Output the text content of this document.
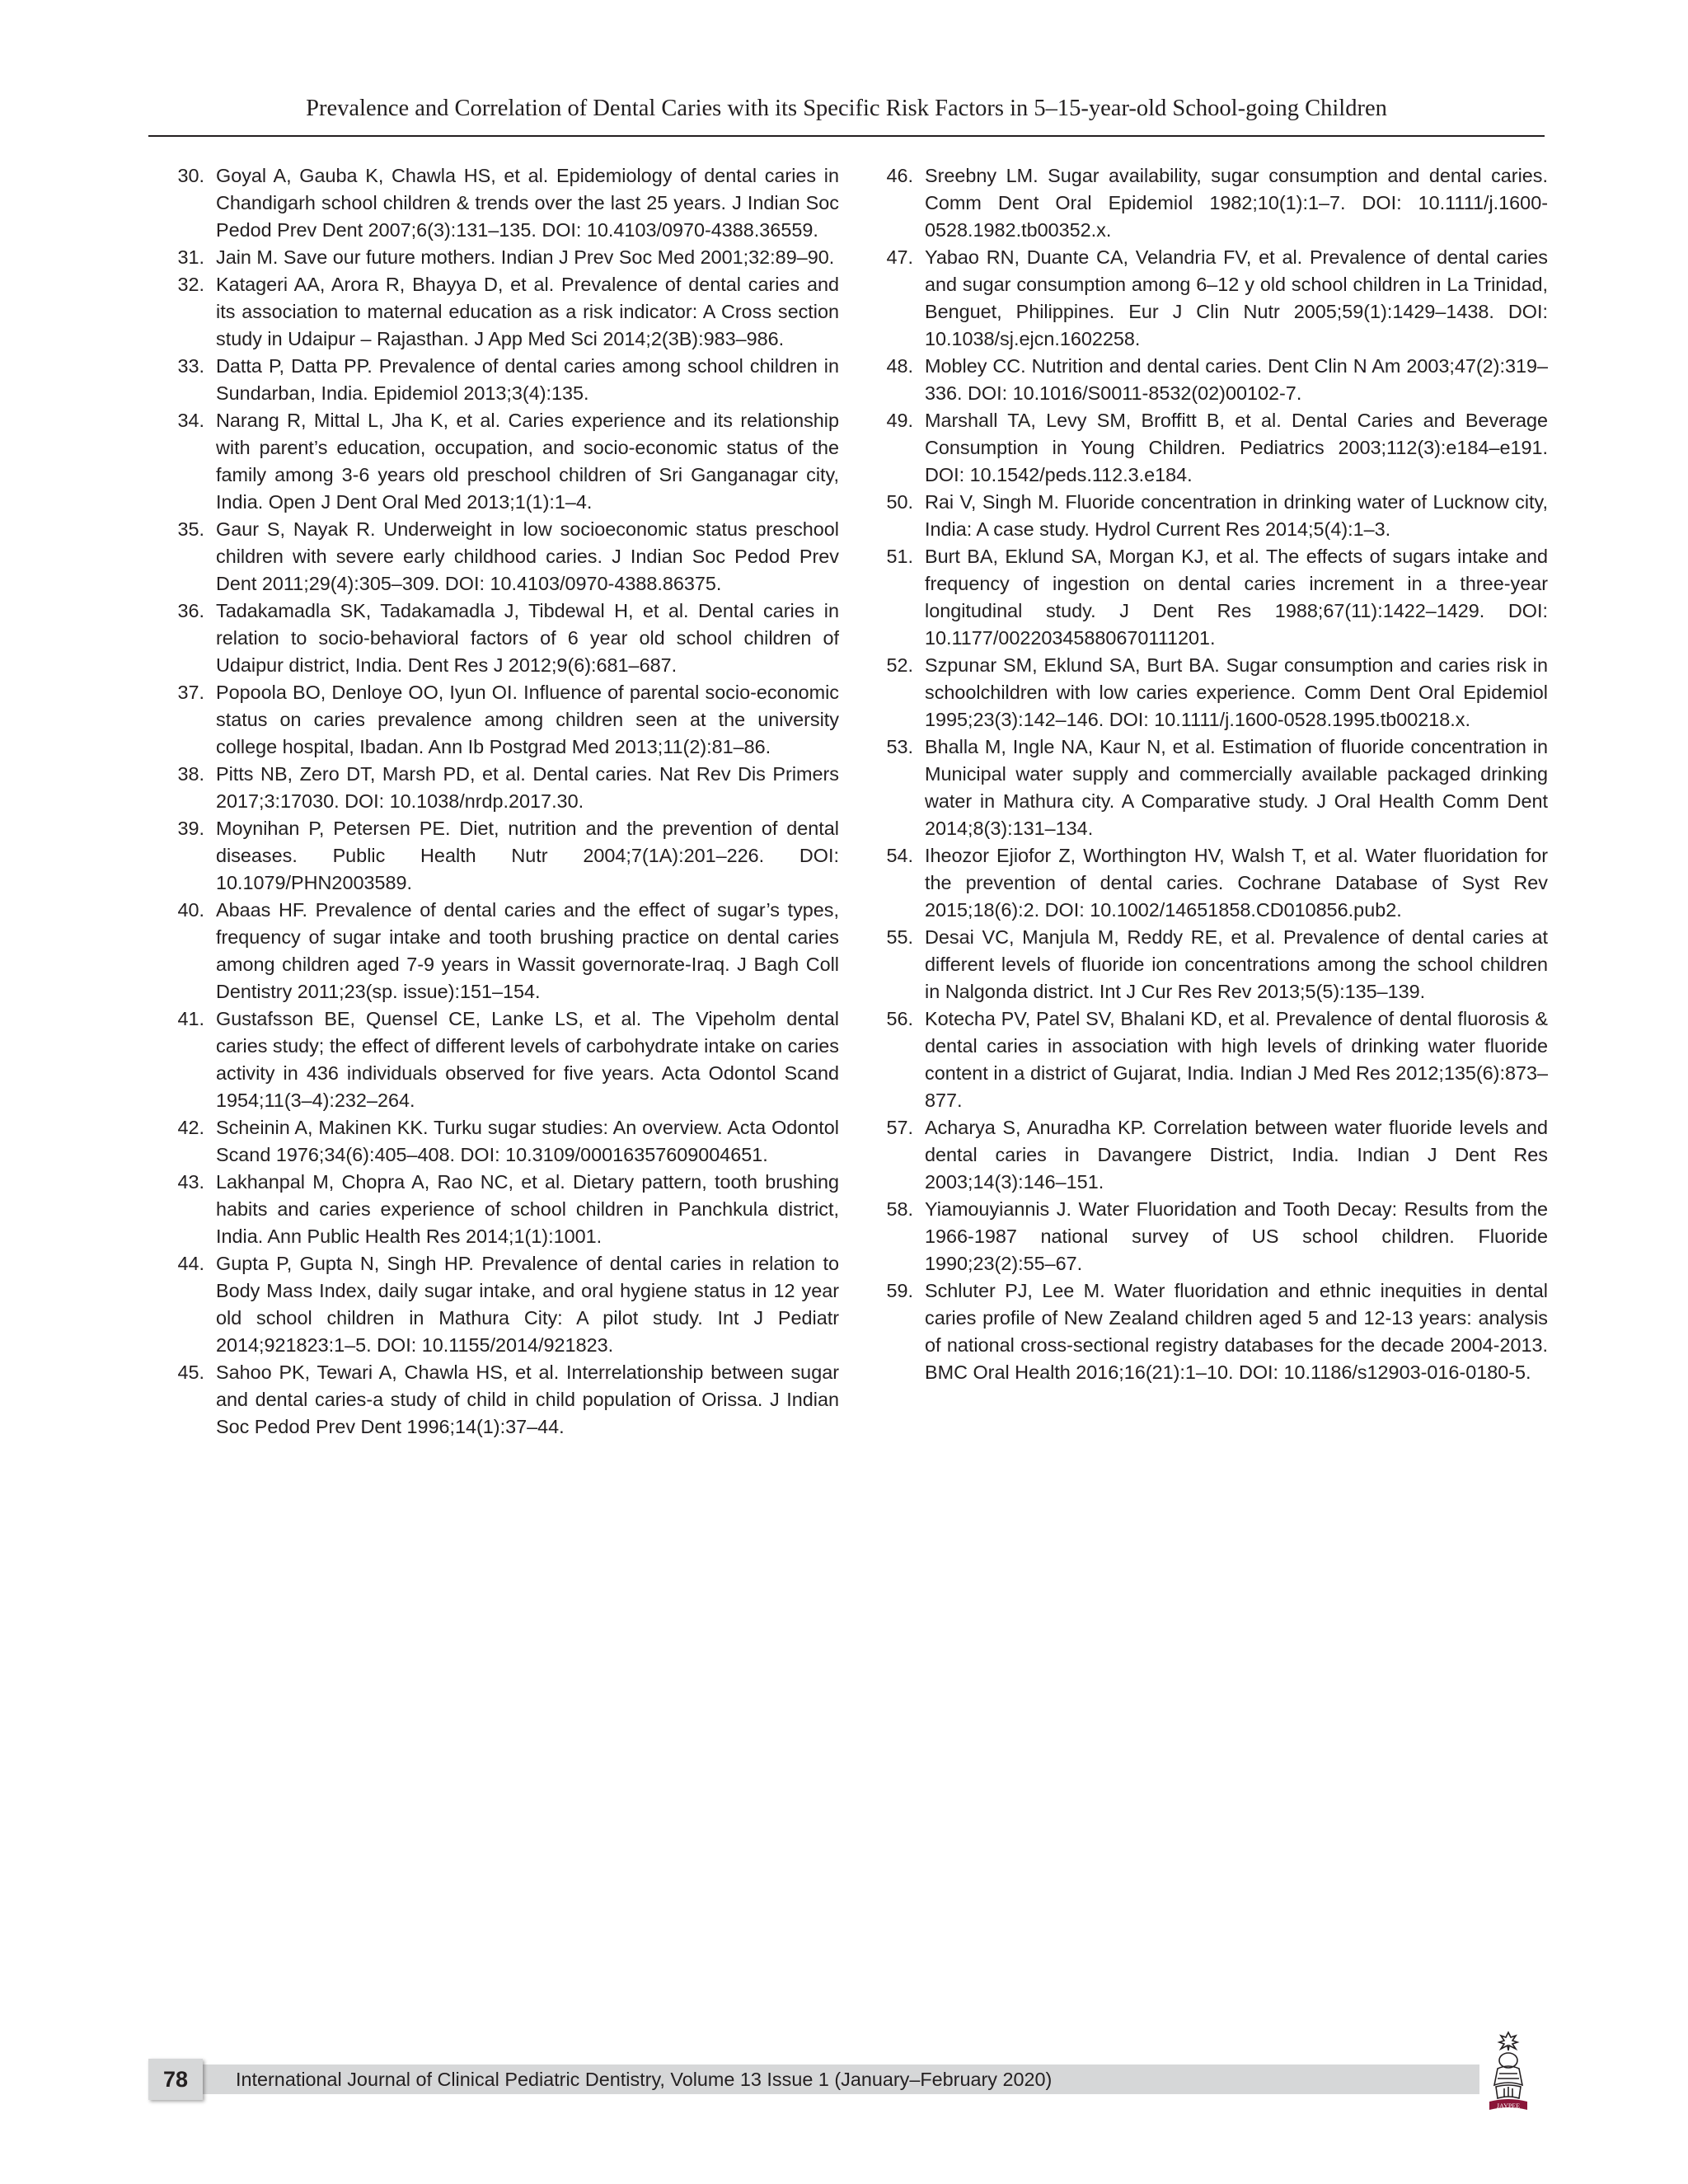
Prevalence and Correlation of Dental Caries with its Specific Risk Factors in 5–15-year-old School-going Children
30. Goyal A, Gauba K, Chawla HS, et al. Epidemiology of dental caries in Chandigarh school children & trends over the last 25 years. J Indian Soc Pedod Prev Dent 2007;6(3):131–135. DOI: 10.4103/0970-4388.36559.
31. Jain M. Save our future mothers. Indian J Prev Soc Med 2001;32:89–90.
32. Katageri AA, Arora R, Bhayya D, et al. Prevalence of dental caries and its association to maternal education as a risk indicator: A Cross section study in Udaipur – Rajasthan. J App Med Sci 2014;2(3B):983–986.
33. Datta P, Datta PP. Prevalence of dental caries among school children in Sundarban, India. Epidemiol 2013;3(4):135.
34. Narang R, Mittal L, Jha K, et al. Caries experience and its relationship with parent’s education, occupation, and socio-economic status of the family among 3-6 years old preschool children of Sri Ganganagar city, India. Open J Dent Oral Med 2013;1(1):1–4.
35. Gaur S, Nayak R. Underweight in low socioeconomic status preschool children with severe early childhood caries. J Indian Soc Pedod Prev Dent 2011;29(4):305–309. DOI: 10.4103/0970-4388.86375.
36. Tadakamadla SK, Tadakamadla J, Tibdewal H, et al. Dental caries in relation to socio-behavioral factors of 6 year old school children of Udaipur district, India. Dent Res J 2012;9(6):681–687.
37. Popoola BO, Denloye OO, Iyun OI. Influence of parental socio-economic status on caries prevalence among children seen at the university college hospital, Ibadan. Ann Ib Postgrad Med 2013;11(2):81–86.
38. Pitts NB, Zero DT, Marsh PD, et al. Dental caries. Nat Rev Dis Primers 2017;3:17030. DOI: 10.1038/nrdp.2017.30.
39. Moynihan P, Petersen PE. Diet, nutrition and the prevention of dental diseases. Public Health Nutr 2004;7(1A):201–226. DOI: 10.1079/PHN2003589.
40. Abaas HF. Prevalence of dental caries and the effect of sugar’s types, frequency of sugar intake and tooth brushing practice on dental caries among children aged 7-9 years in Wassit governorate-Iraq. J Bagh Coll Dentistry 2011;23(sp. issue):151–154.
41. Gustafsson BE, Quensel CE, Lanke LS, et al. The Vipeholm dental caries study; the effect of different levels of carbohydrate intake on caries activity in 436 individuals observed for five years. Acta Odontol Scand 1954;11(3–4):232–264.
42. Scheinin A, Makinen KK. Turku sugar studies: An overview. Acta Odontol Scand 1976;34(6):405–408. DOI: 10.3109/00016357609004651.
43. Lakhanpal M, Chopra A, Rao NC, et al. Dietary pattern, tooth brushing habits and caries experience of school children in Panchkula district, India. Ann Public Health Res 2014;1(1):1001.
44. Gupta P, Gupta N, Singh HP. Prevalence of dental caries in relation to Body Mass Index, daily sugar intake, and oral hygiene status in 12 year old school children in Mathura City: A pilot study. Int J Pediatr 2014;921823:1–5. DOI: 10.1155/2014/921823.
45. Sahoo PK, Tewari A, Chawla HS, et al. Interrelationship between sugar and dental caries-a study of child in child population of Orissa. J Indian Soc Pedod Prev Dent 1996;14(1):37–44.
46. Sreebny LM. Sugar availability, sugar consumption and dental caries. Comm Dent Oral Epidemiol 1982;10(1):1–7. DOI: 10.1111/j.1600-0528.1982.tb00352.x.
47. Yabao RN, Duante CA, Velandria FV, et al. Prevalence of dental caries and sugar consumption among 6–12 y old school children in La Trinidad, Benguet, Philippines. Eur J Clin Nutr 2005;59(1):1429–1438. DOI: 10.1038/sj.ejcn.1602258.
48. Mobley CC. Nutrition and dental caries. Dent Clin N Am 2003;47(2):319–336. DOI: 10.1016/S0011-8532(02)00102-7.
49. Marshall TA, Levy SM, Broffitt B, et al. Dental Caries and Beverage Consumption in Young Children. Pediatrics 2003;112(3):e184–e191. DOI: 10.1542/peds.112.3.e184.
50. Rai V, Singh M. Fluoride concentration in drinking water of Lucknow city, India: A case study. Hydrol Current Res 2014;5(4):1–3.
51. Burt BA, Eklund SA, Morgan KJ, et al. The effects of sugars intake and frequency of ingestion on dental caries increment in a three-year longitudinal study. J Dent Res 1988;67(11):1422–1429. DOI: 10.1177/00220345880670111201.
52. Szpunar SM, Eklund SA, Burt BA. Sugar consumption and caries risk in schoolchildren with low caries experience. Comm Dent Oral Epidemiol 1995;23(3):142–146. DOI: 10.1111/j.1600-0528.1995.tb00218.x.
53. Bhalla M, Ingle NA, Kaur N, et al. Estimation of fluoride concentration in Municipal water supply and commercially available packaged drinking water in Mathura city. A Comparative study. J Oral Health Comm Dent 2014;8(3):131–134.
54. Iheozor Ejiofor Z, Worthington HV, Walsh T, et al. Water fluoridation for the prevention of dental caries. Cochrane Database of Syst Rev 2015;18(6):2. DOI: 10.1002/14651858.CD010856.pub2.
55. Desai VC, Manjula M, Reddy RE, et al. Prevalence of dental caries at different levels of fluoride ion concentrations among the school children in Nalgonda district. Int J Cur Res Rev 2013;5(5):135–139.
56. Kotecha PV, Patel SV, Bhalani KD, et al. Prevalence of dental fluorosis & dental caries in association with high levels of drinking water fluoride content in a district of Gujarat, India. Indian J Med Res 2012;135(6):873–877.
57. Acharya S, Anuradha KP. Correlation between water fluoride levels and dental caries in Davangere District, India. Indian J Dent Res 2003;14(3):146–151.
58. Yiamouyiannis J. Water Fluoridation and Tooth Decay: Results from the 1966-1987 national survey of US school children. Fluoride 1990;23(2):55–67.
59. Schluter PJ, Lee M. Water fluoridation and ethnic inequities in dental caries profile of New Zealand children aged 5 and 12-13 years: analysis of national cross-sectional registry databases for the decade 2004-2013. BMC Oral Health 2016;16(21):1–10. DOI: 10.1186/s12903-016-0180-5.
78	International Journal of Clinical Pediatric Dentistry, Volume 13 Issue 1 (January–February 2020)
JAYPEE
